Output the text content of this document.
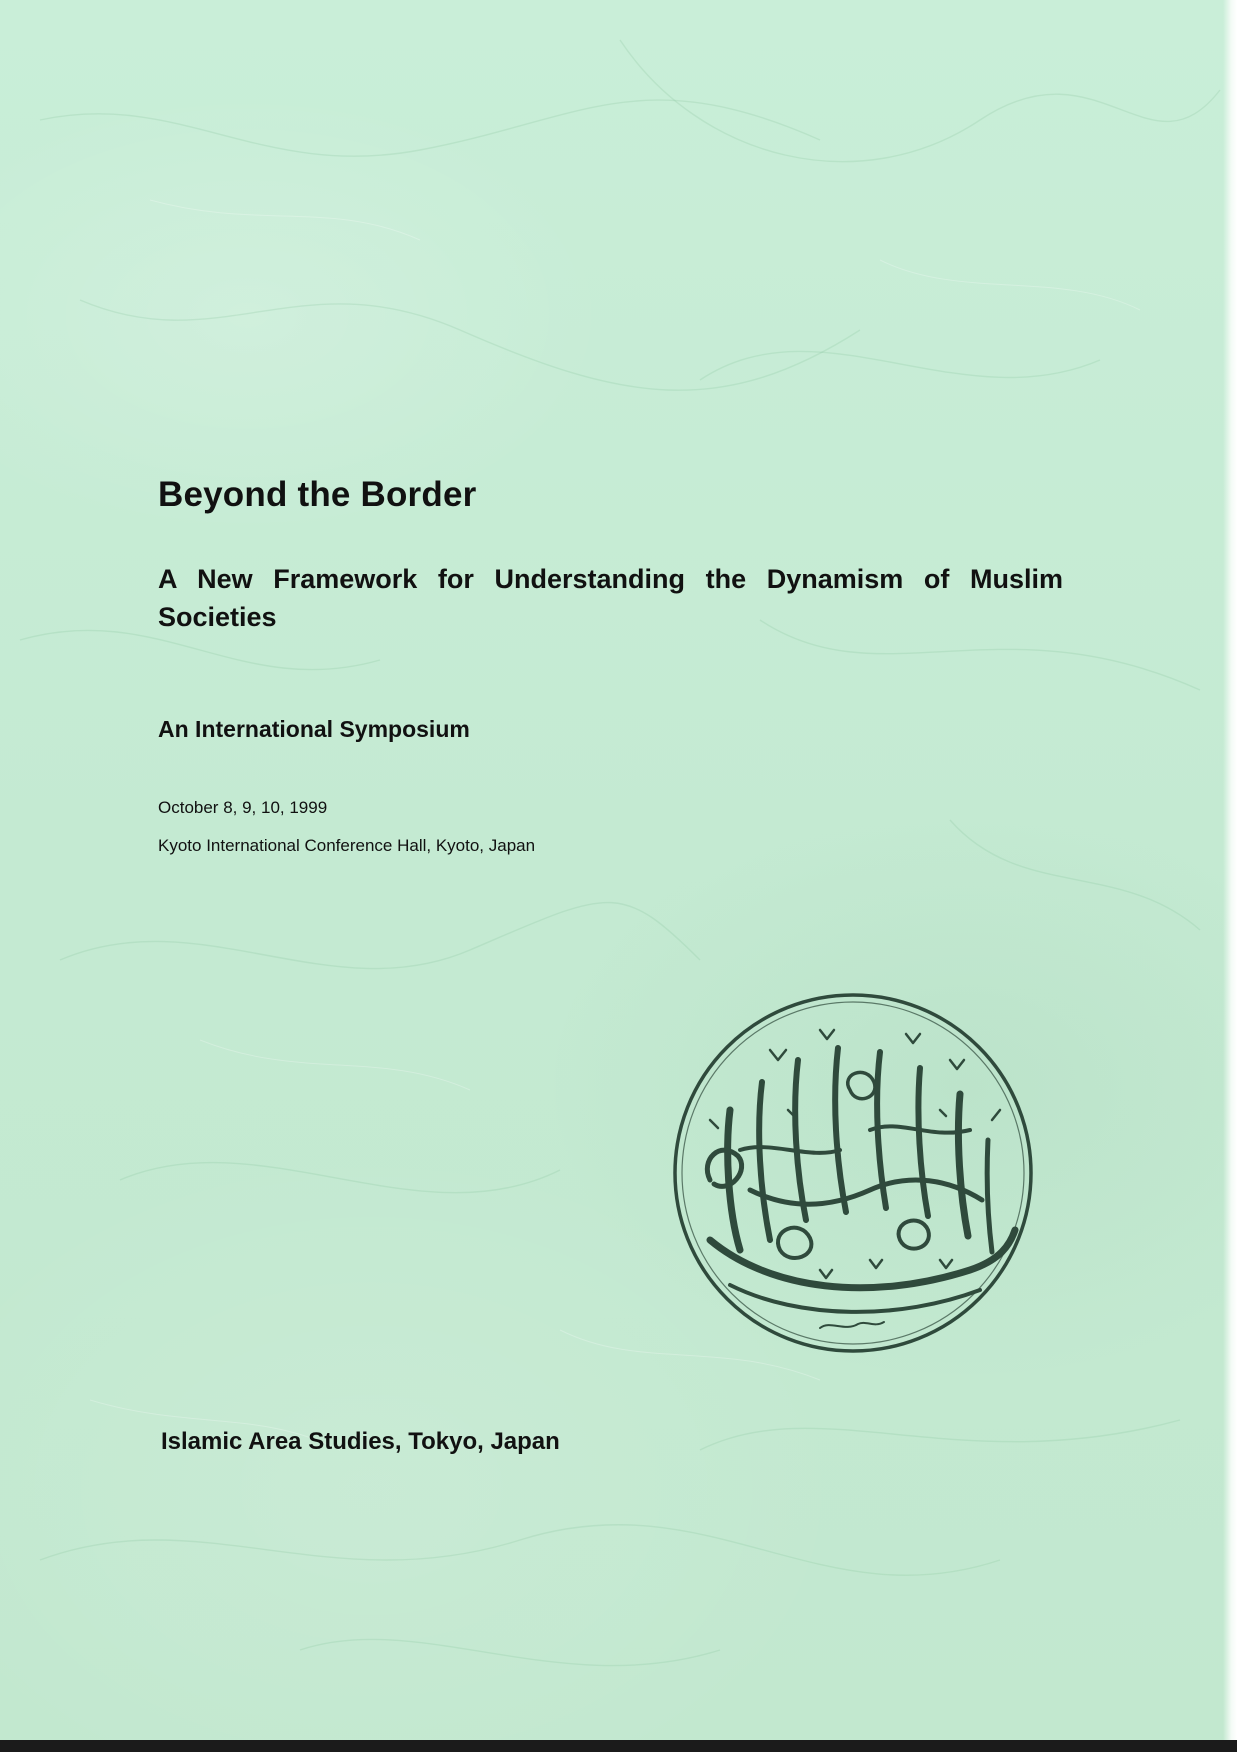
Beyond the Border
A New Framework for Understanding the Dynamism of Muslim Societies
An International Symposium

October 8, 9, 10, 1999

Kyoto International Conference Hall, Kyoto, Japan

Islamic Area Studies, Tokyo, Japan
